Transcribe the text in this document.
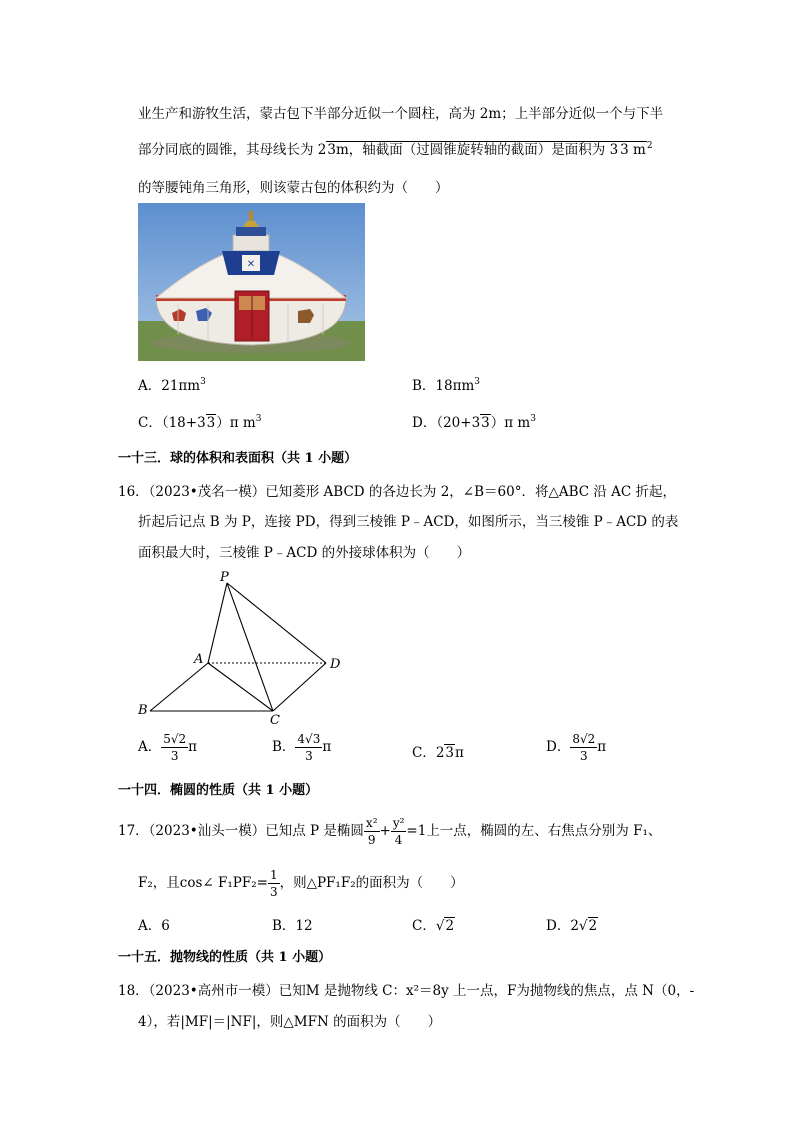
业生产和游牧生活，蒙古包下半部分近似一个圆柱，高为 2m；上半部分近似一个与下半
部分同底的圆锥，其母线长为 23m，轴截面（过圆锥旋转轴的截面）是面积为 3 3 $m^2$
的等腰钝角三角形，则该蒙古包的体积约为（　　）
✕
A．$21\pi m^3$	B．$18\pi m^3$
C．（18+33）π $m^3$	D．（20+33）π $m^3$
一十三．球的体积和表面积（共 1 小题）
16．（2023•茂名一模）已知菱形 ABCD 的各边长为 2，∠B＝60°．将△ABC 沿 AC 折起，
折起后记点 B 为 P，连接 PD，得到三棱锥 P﹣ACD，如图所示，当三棱锥 P﹣ACD 的表
面积最大时，三棱锥 P﹣ACD 的外接球体积为（　　）
P
A
B
C
D
A． $\frac{5√2}{3}$ π	B． $\frac{4√3}{3}$ π	C．23π	D． $\frac{8√2}{3}$ π
一十四．椭圆的性质（共 1 小题）
17．（2023•汕头一模）已知点 P 是椭圆 $\frac{\text{x²}}{9} + \frac{\text{y²}}{4} =1$上一点，椭圆的左、右焦点分别为 F₁、
F₂，且cos∠ $F_1PF_2= \frac{1}{3}$ ，则△PF₁F₂的面积为（　　）
A．6	B．12	C．√2	D．2√2
一十五．抛物线的性质（共 1 小题）
18．（2023•高州市一模）已知M 是抛物线 C：x²＝8y 上一点，F为抛物线的焦点，点 N（0，-
4），若|MF|＝|NF|，则△MFN 的面积为（　　）
